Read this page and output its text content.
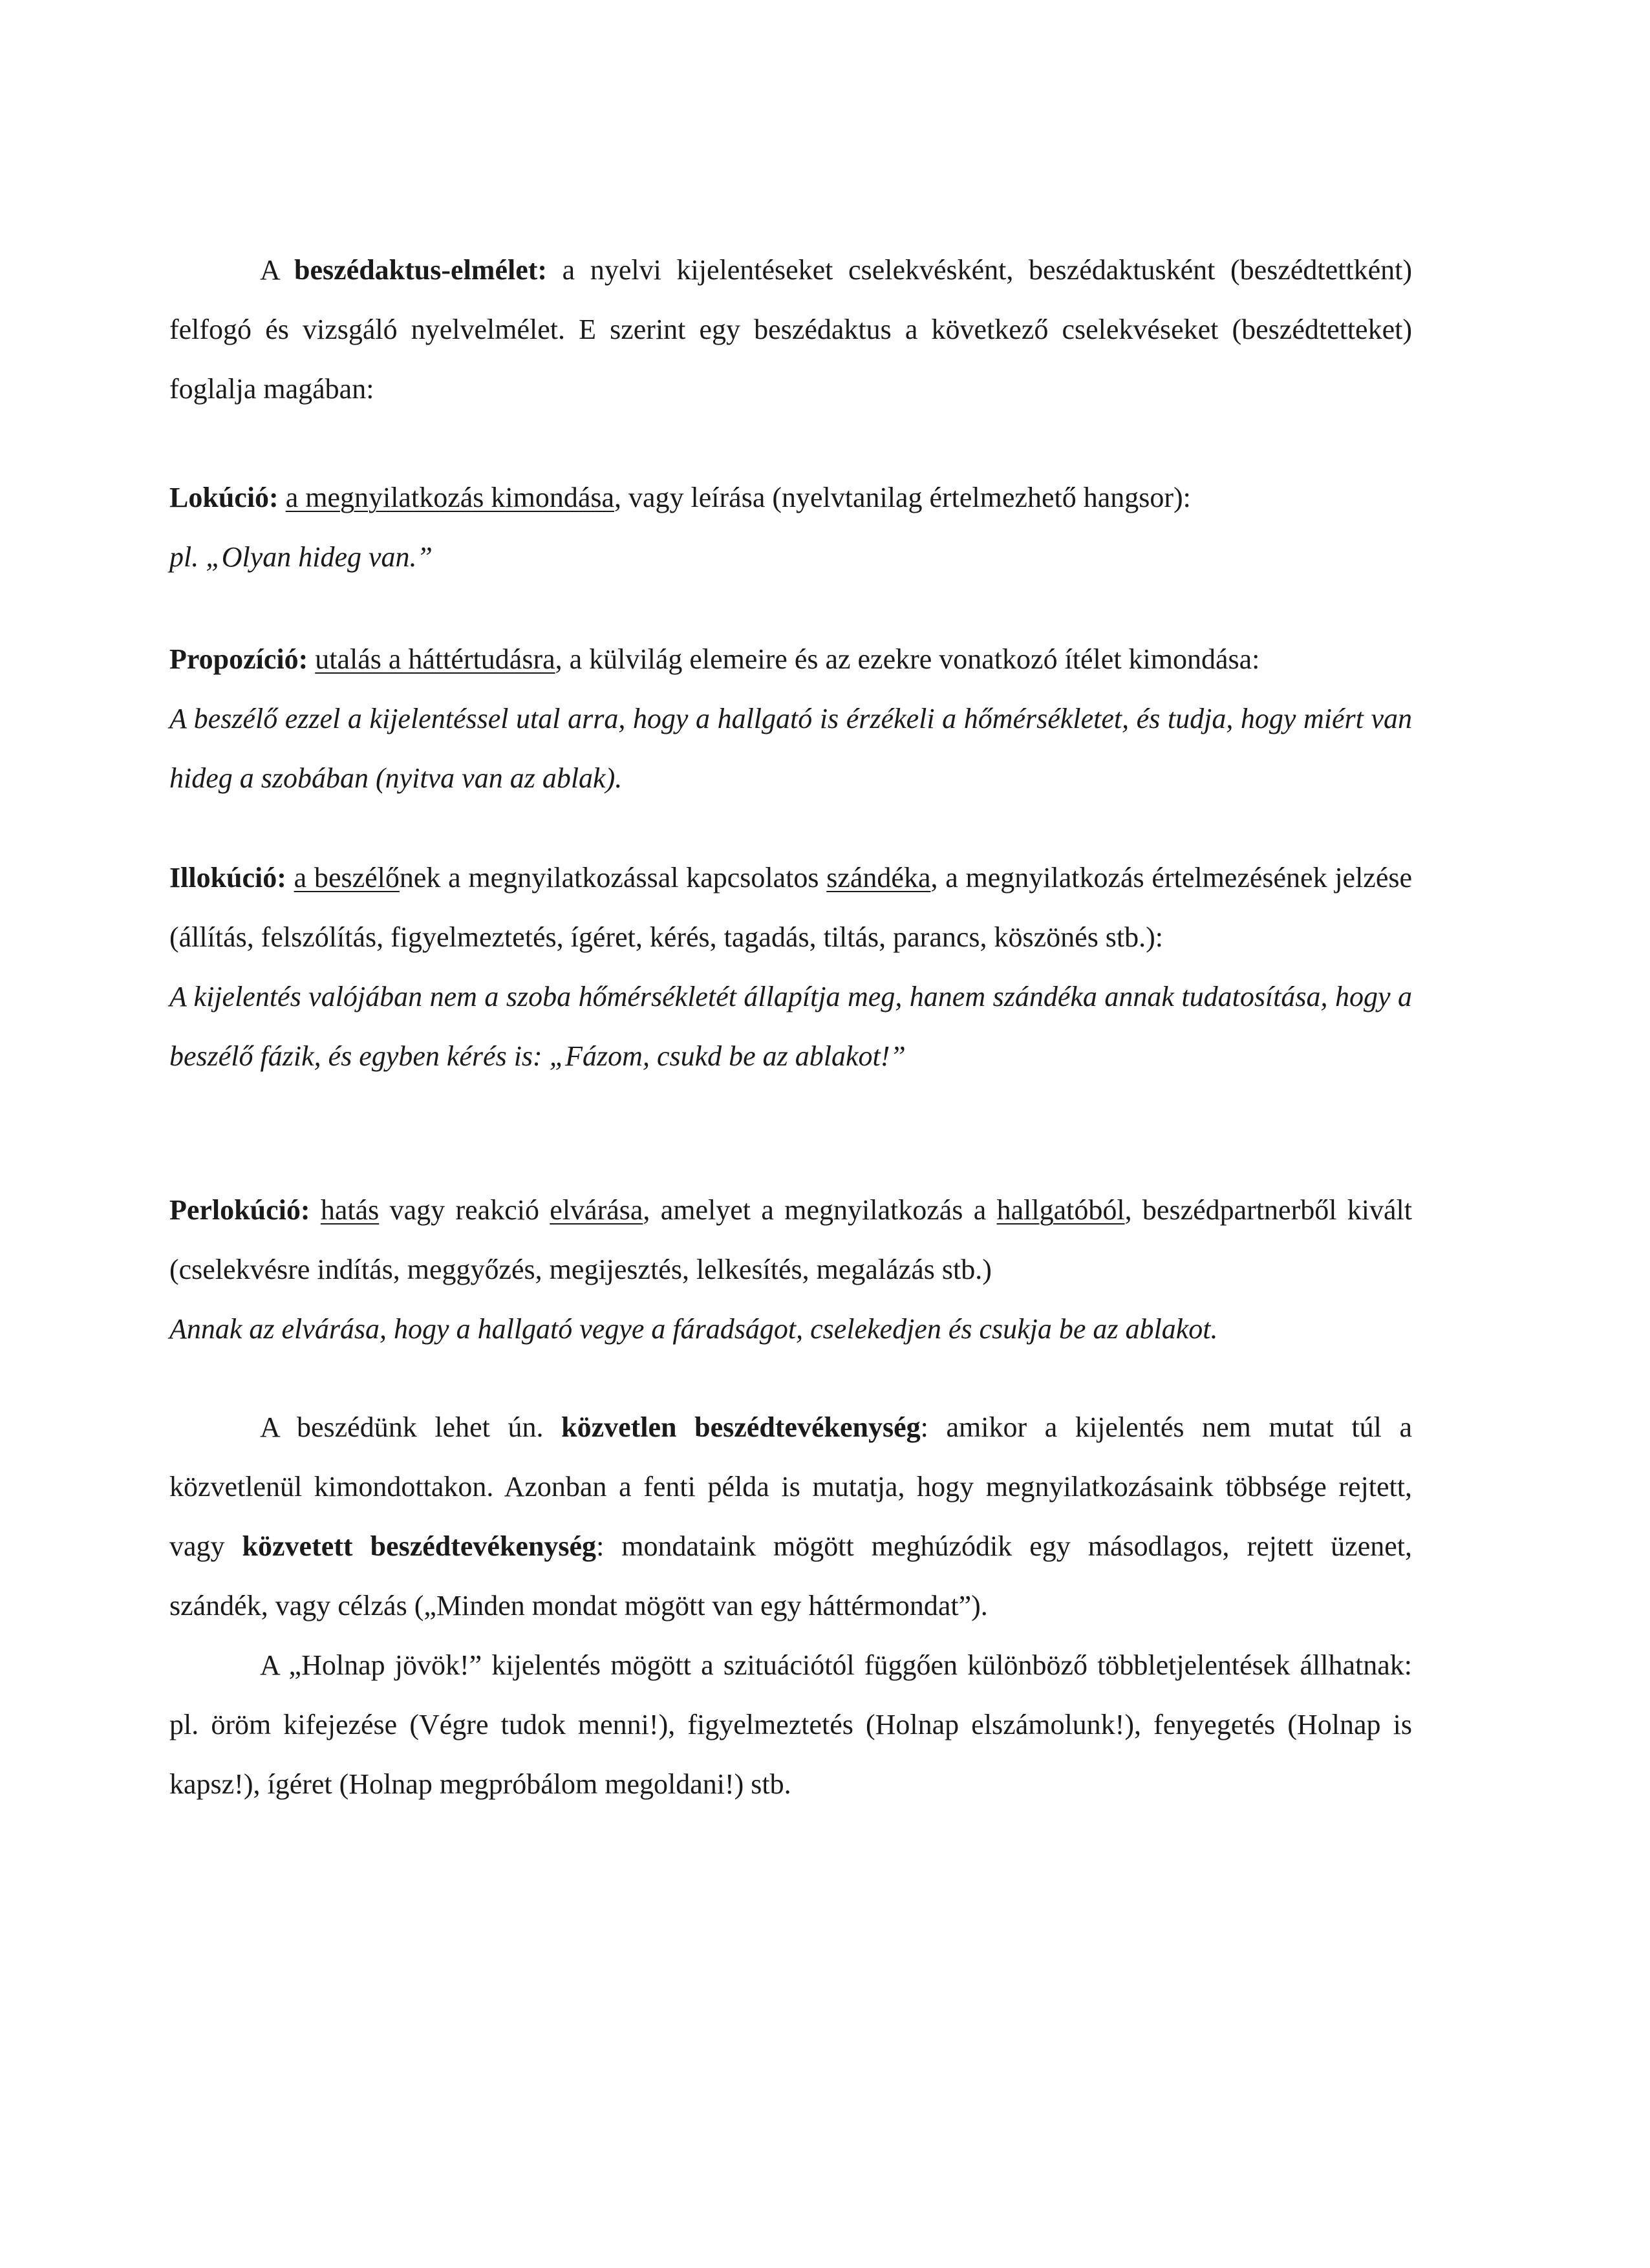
A beszédaktus-elmélet: a nyelvi kijelentéseket cselekvésként, beszédaktusként (beszédtettként) felfogó és vizsgáló nyelvelmélet. E szerint egy beszédaktus a következő cselekvéseket (beszédtetteket) foglalja magában:

Lokúció: a megnyilatkozás kimondása, vagy leírása (nyelvtanilag értelmezhető hangsor):
pl. „Olyan hideg van.”

Propozíció: utalás a háttértudásra, a külvilág elemeire és az ezekre vonatkozó ítélet kimondása:
A beszélő ezzel a kijelentéssel utal arra, hogy a hallgató is érzékeli a hőmérsékletet, és tudja, hogy miért van hideg a szobában (nyitva van az ablak).

Illokúció: a beszélőnek a megnyilatkozással kapcsolatos szándéka, a megnyilatkozás értelmezésének jelzése (állítás, felszólítás, figyelmeztetés, ígéret, kérés, tagadás, tiltás, parancs, köszönés stb.):
A kijelentés valójában nem a szoba hőmérsékletét állapítja meg, hanem szándéka annak tudatosítása, hogy a beszélő fázik, és egyben kérés is: „Fázom, csukd be az ablakot!”

Perlokúció: hatás vagy reakció elvárása, amelyet a megnyilatkozás a hallgatóból, beszédpartnerből kivált (cselekvésre indítás, meggyőzés, megijesztés, lelkesítés, megalázás stb.)
Annak az elvárása, hogy a hallgató vegye a fáradságot, cselekedjen és csukja be az ablakot.

A beszédünk lehet ún. közvetlen beszédtevékenység: amikor a kijelentés nem mutat túl a közvetlenül kimondottakon. Azonban a fenti példa is mutatja, hogy megnyilatkozásaink többsége rejtett, vagy közvetett beszédtevékenység: mondataink mögött meghúzódik egy másodlagos, rejtett üzenet, szándék, vagy célzás („Minden mondat mögött van egy háttérmondat”).

A „Holnap jövök!” kijelentés mögött a szituációtól függően különböző többletjelentések állhatnak: pl. öröm kifejezése (Végre tudok menni!), figyelmeztetés (Holnap elszámolunk!), fenyegetés (Holnap is kapsz!), ígéret (Holnap megpróbálom megoldani!) stb.
